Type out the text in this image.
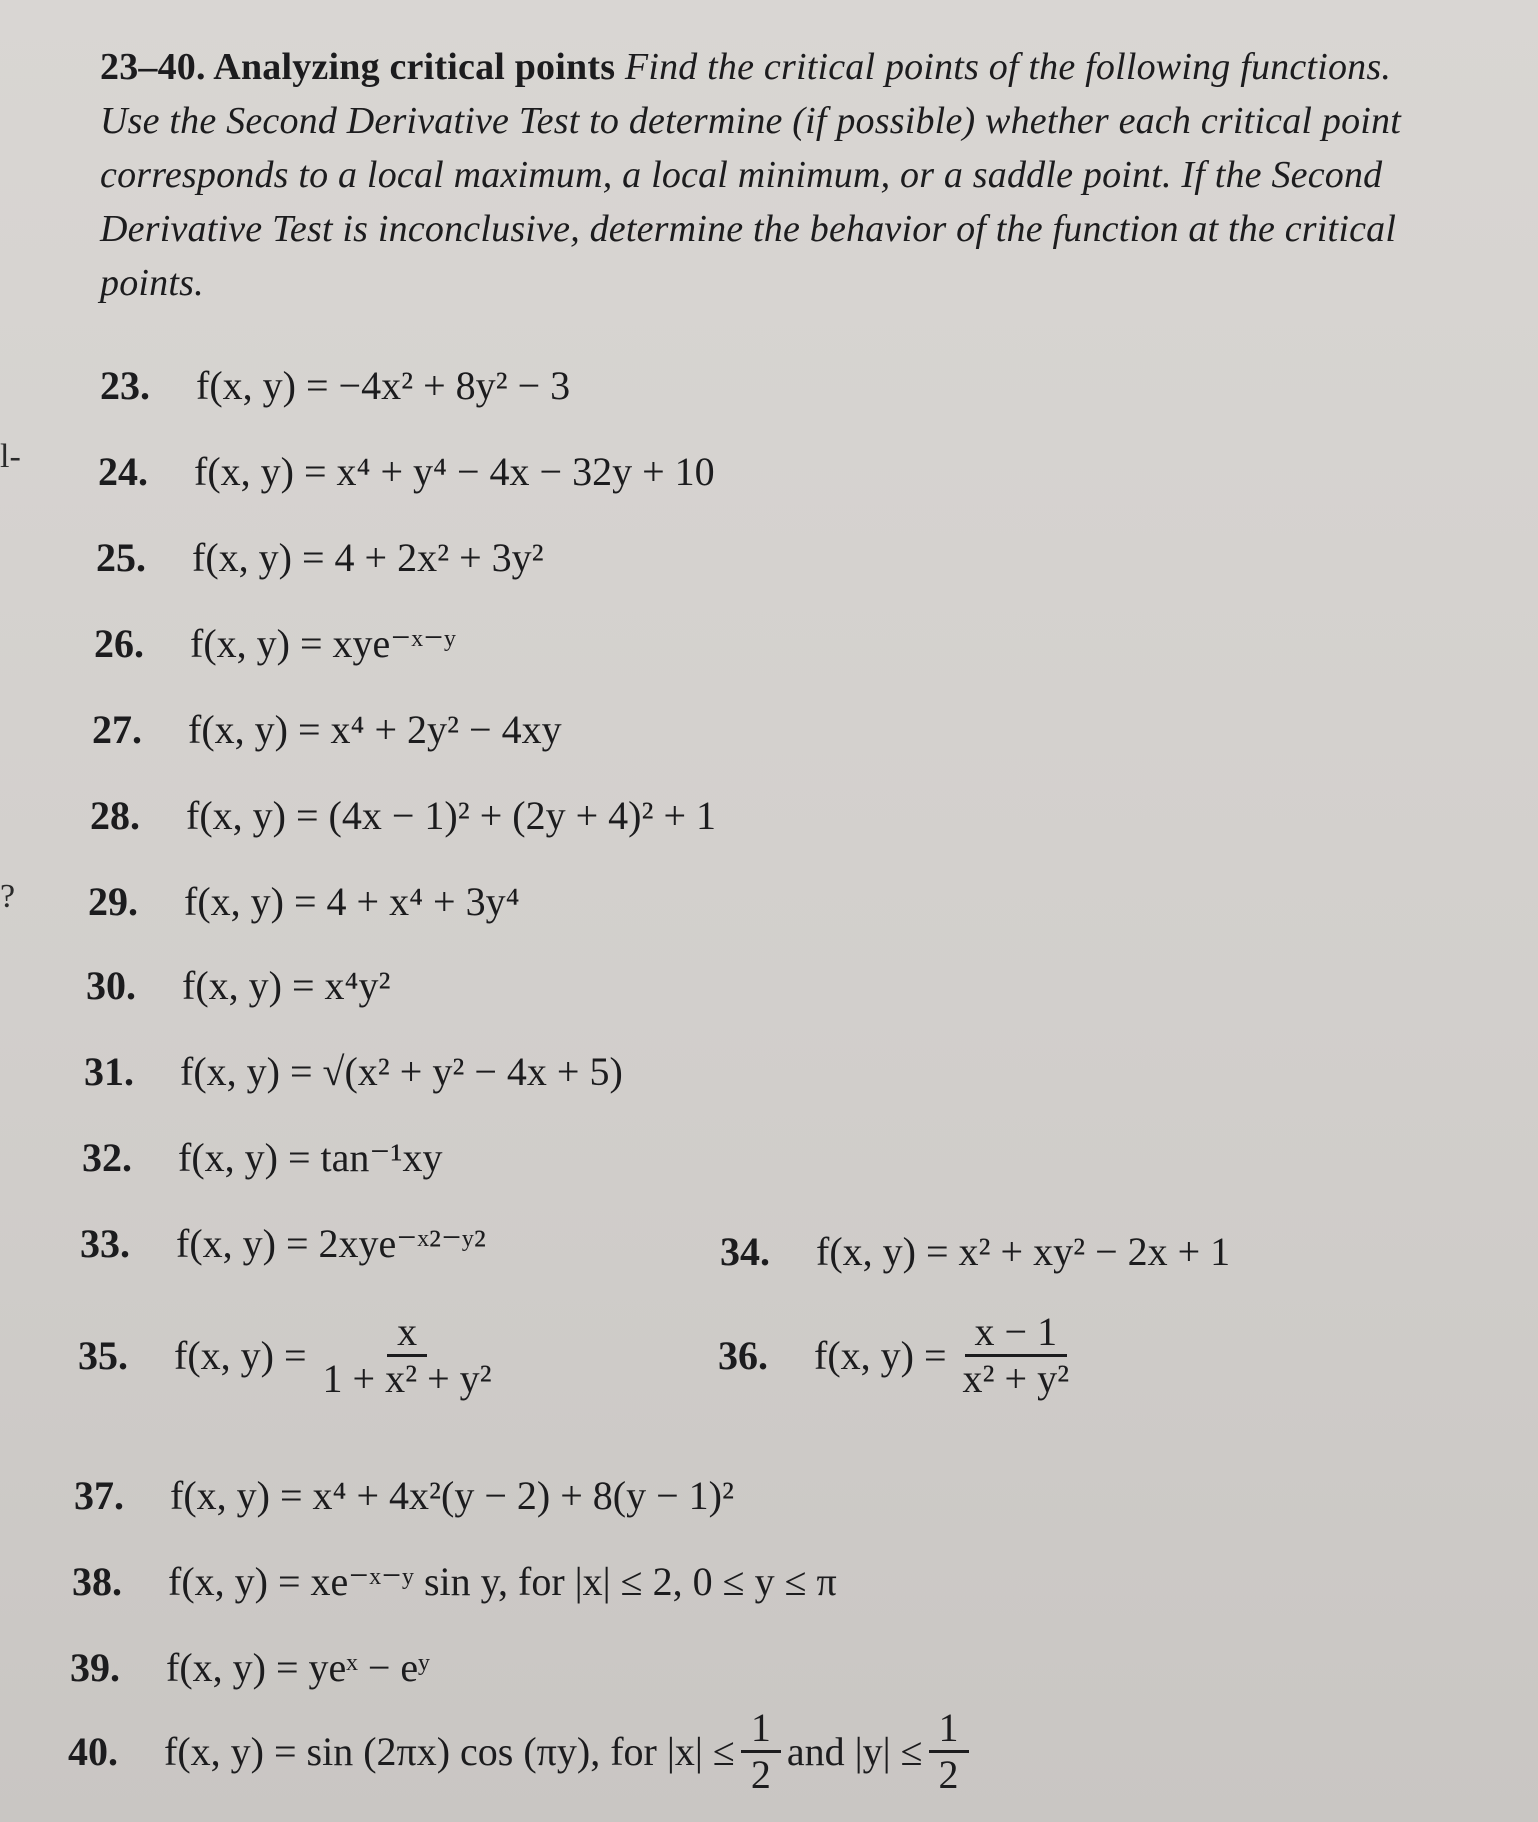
l-
?
23–40. Analyzing critical points Find the critical points of the following functions. Use the Second Derivative Test to determine (if possible) whether each critical point corresponds to a local maximum, a local minimum, or a saddle point. If the Second Derivative Test is inconclusive, determine the behavior of the function at the critical points.
23.	f(x, y) = −4x² + 8y² − 3
24.	f(x, y) = x⁴ + y⁴ − 4x − 32y + 10
25.	f(x, y) = 4 + 2x² + 3y²
26.	f(x, y) = xye⁻ˣ⁻ʸ
27.	f(x, y) = x⁴ + 2y² − 4xy
28.	f(x, y) = (4x − 1)² + (2y + 4)² + 1
29.	f(x, y) = 4 + x⁴ + 3y⁴
30.	f(x, y) = x⁴y²
31.	f(x, y) = √(x² + y² − 4x + 5)
32.	f(x, y) = tan⁻¹xy
33.	f(x, y) = 2xye⁻ˣ²⁻ʸ²	34.	f(x, y) = x² + xy² − 2x + 1
35.	f(x, $y) = \frac{x}{\text{1 + x² + y²}}$	36.	f(x, $y) = \frac{x - 1}{\text{x² + y²}}$
37.	f(x, y) = x⁴ + 4x²(y − 2) + 8(y − 1)²
38.	f(x, y) = xe⁻ˣ⁻ʸ sin y, for |x| ≤ 2, 0 ≤ y ≤ π
39.	f(x, y) = yeˣ − eʸ
40.	f(x, y) = sin (2πx) cos (πy), for $|x| \le \frac{1}{2}$ and $|y| \le \frac{1}{2}$
